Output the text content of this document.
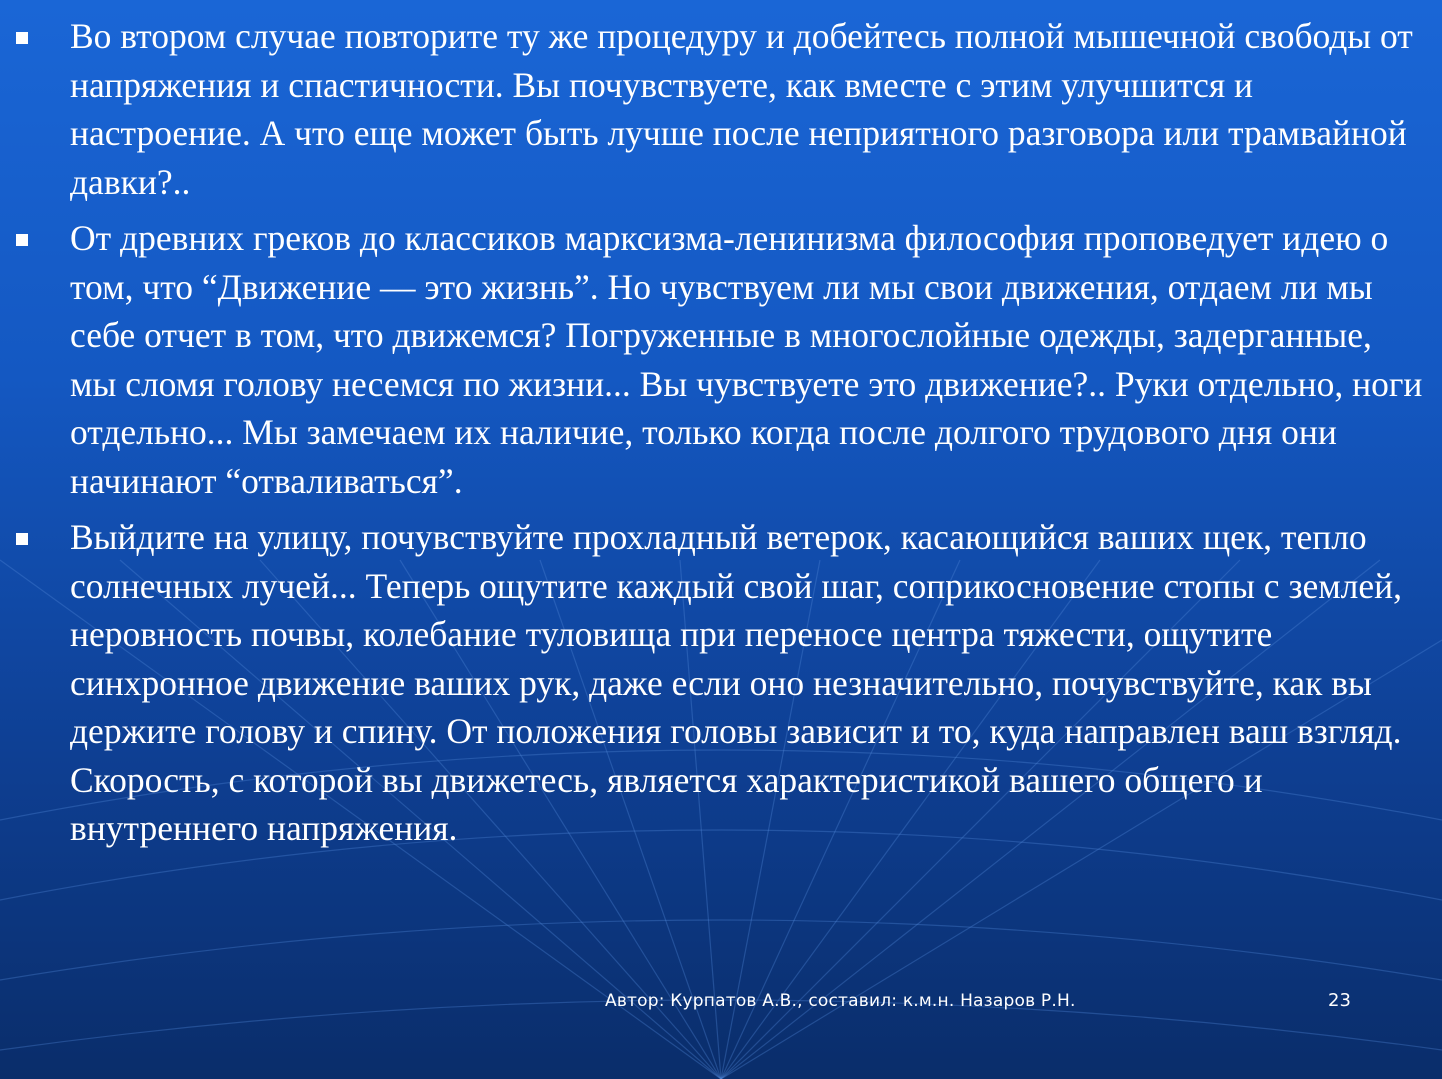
Во втором случае повторите ту же процедуру и добейтесь полной мышечной свободы от напряжения и спастичности. Вы почувствуете, как вместе с этим улучшится и настроение. А что еще может быть лучше после неприятного разговора или трамвайной давки?..
От древних греков до классиков марксизма-ленинизма философия проповедует идею о том, что “Движение — это жизнь”. Но чувствуем ли мы свои движения, отдаем ли мы себе отчет в том, что движемся? Погруженные в многослойные одежды, задерганные, мы сломя голову несемся по жизни... Вы чувствуете это движение?.. Руки отдельно, ноги отдельно... Мы замечаем их наличие, только когда после долгого трудового дня они начинают “отваливаться”.
Выйдите на улицу, почувствуйте прохладный ветерок, касающийся ваших щек, тепло солнечных лучей... Теперь ощутите каждый свой шаг, соприкосновение стопы с землей, неровность почвы, колебание туловища при переносе центра тяжести, ощутите синхронное движение ваших рук, даже если оно незначительно, почувствуйте, как вы держите голову и спину. От положения головы зависит и то, куда направлен ваш взгляд. Скорость, с которой вы движетесь, является характеристикой вашего общего и внутреннего напряжения.
Автор: Курпатов А.В., составил: к.м.н. Назаров Р.Н.	23
